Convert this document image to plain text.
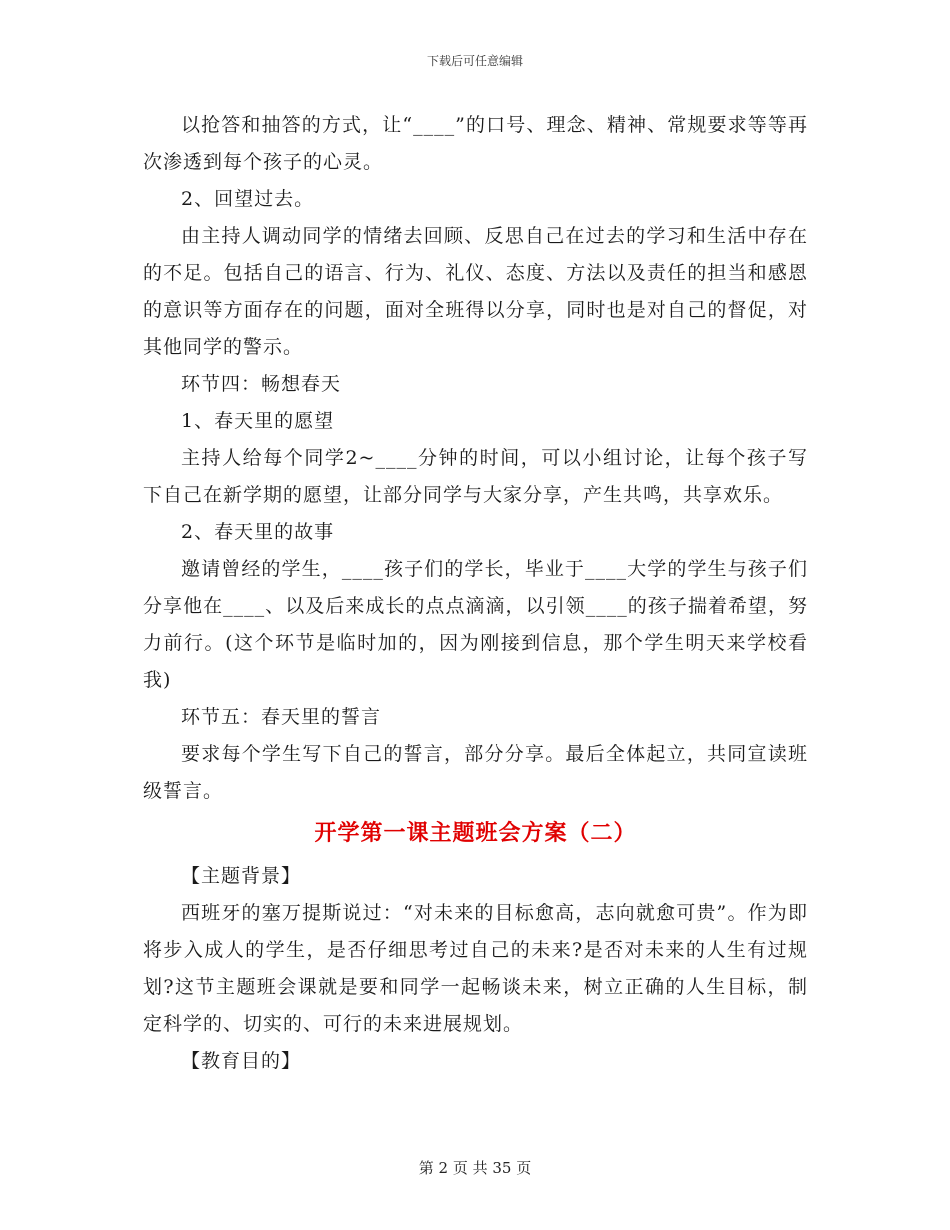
下载后可任意编辑

以抢答和抽答的方式，让“____”的口号、理念、精神、常规要求等等再次渗透到每个孩子的心灵。

2、回望过去。

由主持人调动同学的情绪去回顾、反思自己在过去的学习和生活中存在的不足。包括自己的语言、行为、礼仪、态度、方法以及责任的担当和感恩的意识等方面存在的问题，面对全班得以分享，同时也是对自己的督促，对其他同学的警示。

环节四：畅想春天

1、春天里的愿望

主持人给每个同学2~____分钟的时间，可以小组讨论，让每个孩子写下自己在新学期的愿望，让部分同学与大家分享，产生共鸣，共享欢乐。

2、春天里的故事

邀请曾经的学生，____孩子们的学长，毕业于____大学的学生与孩子们分享他在____、以及后来成长的点点滴滴，以引领____的孩子揣着希望，努力前行。(这个环节是临时加的，因为刚接到信息，那个学生明天来学校看我)

环节五：春天里的誓言

要求每个学生写下自己的誓言，部分分享。最后全体起立，共同宣读班级誓言。

开学第一课主题班会方案（二）

【主题背景】

西班牙的塞万提斯说过：“对未来的目标愈高，志向就愈可贵”。作为即将步入成人的学生，是否仔细思考过自己的未来?是否对未来的人生有过规划?这节主题班会课就是要和同学一起畅谈未来，树立正确的人生目标，制定科学的、切实的、可行的未来进展规划。

【教育目的】

第 2 页 共 35 页
